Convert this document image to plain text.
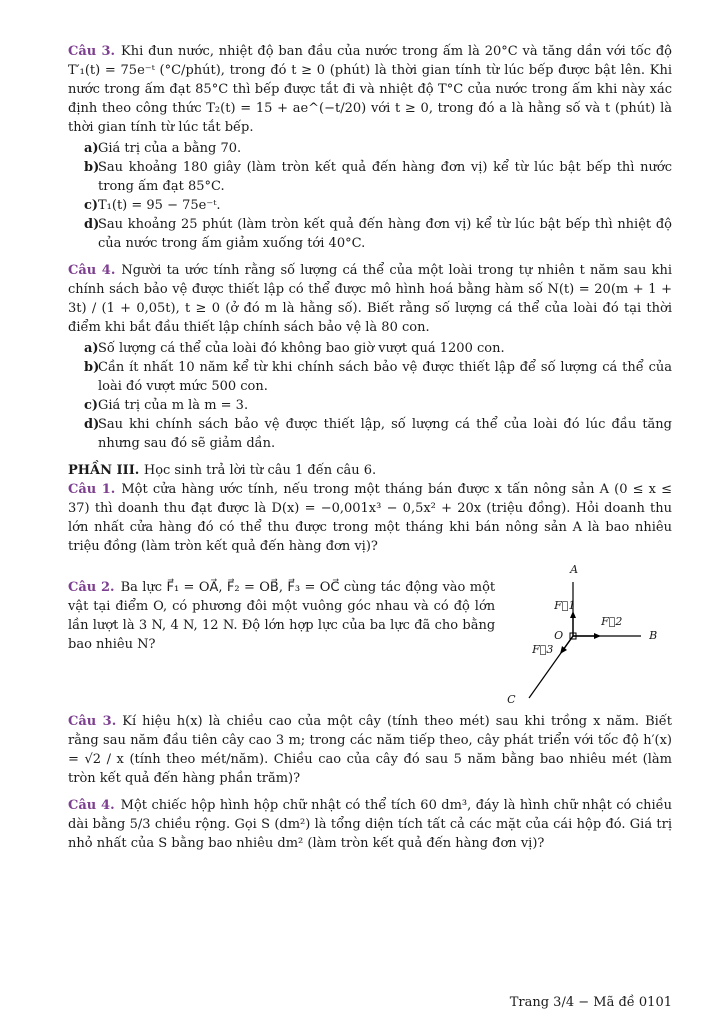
Câu 3. Khi đun nước, nhiệt độ ban đầu của nước trong ấm là 20°C và tăng dần với tốc độ T′₁(t) = 75e⁻ᵗ (°C/phút), trong đó t ≥ 0 (phút) là thời gian tính từ lúc bếp được bật lên. Khi nước trong ấm đạt 85°C thì bếp được tắt đi và nhiệt độ T°C của nước trong ấm khi này xác định theo công thức T₂(t) = 15 + ae^(−t/20) với t ≥ 0, trong đó a là hằng số và t (phút) là thời gian tính từ lúc tắt bếp.
a) Giá trị của a bằng 70.
b)
Sau khoảng 180 giây (làm tròn kết quả đến hàng đơn vị) kể từ lúc bật bếp thì nước trong ấm đạt 85°C.
c) T₁(t) = 95 − 75e⁻ᵗ.
d)
Sau khoảng 25 phút (làm tròn kết quả đến hàng đơn vị) kể từ lúc bật bếp thì nhiệt độ của nước trong ấm giảm xuống tới 40°C.
Câu 4. Người ta ước tính rằng số lượng cá thể của một loài trong tự nhiên t năm sau khi chính sách bảo vệ được thiết lập có thể được mô hình hoá bằng hàm số N(t) = 20(m + 1 + 3t) / (1 + 0,05t), t ≥ 0 (ở đó m là hằng số). Biết rằng số lượng cá thể của loài đó tại thời điểm khi bắt đầu thiết lập chính sách bảo vệ là 80 con.
a) Số lượng cá thể của loài đó không bao giờ vượt quá 1200 con.
b)
Cần ít nhất 10 năm kể từ khi chính sách bảo vệ được thiết lập để số lượng cá thể của loài đó vượt mức 500 con.
c) Giá trị của m là m = 3.
d)
Sau khi chính sách bảo vệ được thiết lập, số lượng cá thể của loài đó lúc đầu tăng nhưng sau đó sẽ giảm dần.
PHẦN III. Học sinh trả lời từ câu 1 đến câu 6.
Câu 1. Một cửa hàng ước tính, nếu trong một tháng bán được x tấn nông sản A (0 ≤ x ≤ 37) thì doanh thu đạt được là D(x) = −0,001x³ − 0,5x² + 20x (triệu đồng). Hỏi doanh thu lớn nhất cửa hàng đó có thể thu được trong một tháng khi bán nông sản A là bao nhiêu triệu đồng (làm tròn kết quả đến hàng đơn vị)?
Câu 2. Ba lực F⃗₁ = OA⃗, F⃗₂ = OB⃗, F⃗₃ = OC⃗ cùng tác động vào một vật tại điểm O, có phương đôi một vuông góc nhau và có độ lớn lần lượt là 3 N, 4 N, 12 N. Độ lớn hợp lực của ba lực đã cho bằng bao nhiêu N?
A
B
C
O
F⃗1
F⃗2
F⃗3
Câu 3. Kí hiệu h(x) là chiều cao của một cây (tính theo mét) sau khi trồng x năm. Biết rằng sau năm đầu tiên cây cao 3 m; trong các năm tiếp theo, cây phát triển với tốc độ h′(x) = √2 / x (tính theo mét/năm). Chiều cao của cây đó sau 5 năm bằng bao nhiêu mét (làm tròn kết quả đến hàng phần trăm)?
Câu 4. Một chiếc hộp hình hộp chữ nhật có thể tích 60 dm³, đáy là hình chữ nhật có chiều dài bằng 5/3 chiều rộng. Gọi S (dm²) là tổng diện tích tất cả các mặt của cái hộp đó. Giá trị nhỏ nhất của S bằng bao nhiêu dm² (làm tròn kết quả đến hàng đơn vị)?
Trang 3/4 − Mã đề 0101
